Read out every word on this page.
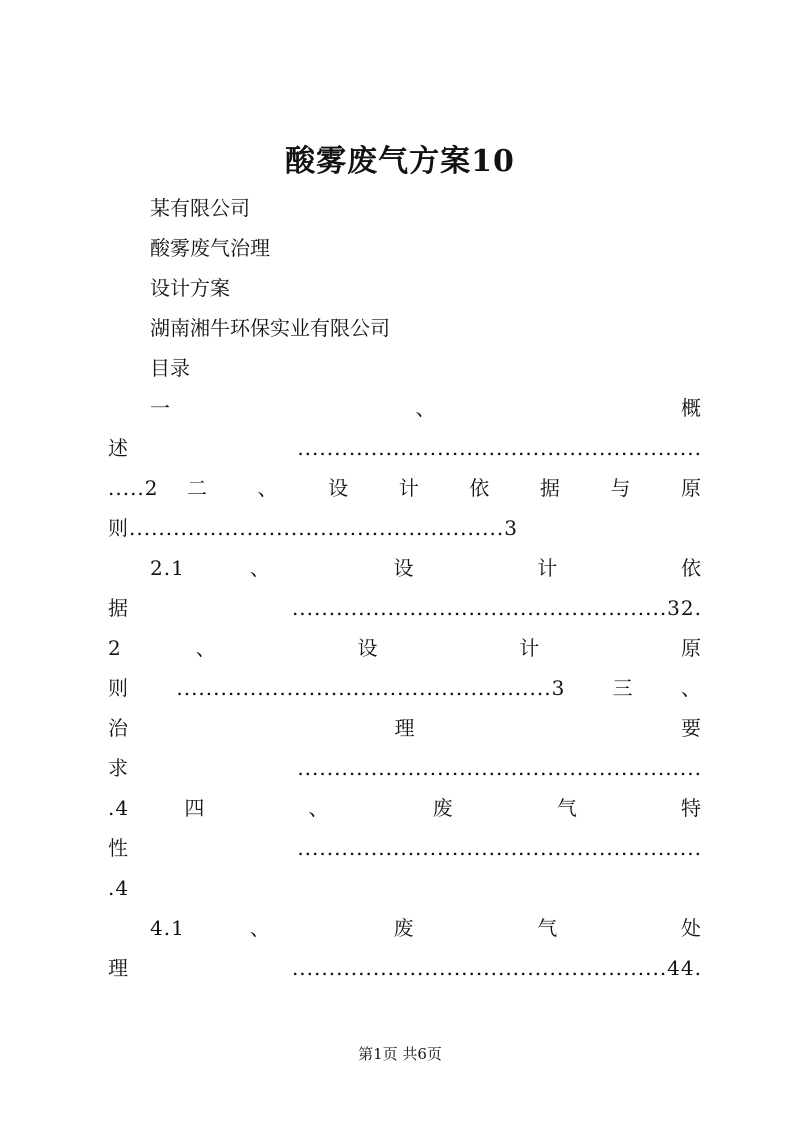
酸雾废气方案10
某有限公司
酸雾废气治理
设计方案
湖南湘牛环保实业有限公司
目录
一 、 概
述.......................................................
.....2 二 、 设 计 依 据 与 原
则...................................................3
2.1 、 设 计 依
据...................................................32.
2 、 设 计 原
则...................................................3三、
治 理 要
求.......................................................
.4 四 、 废 气 特
性.......................................................
.4
4.1 、 废 气 处
理...................................................44.
第1页 共6页
